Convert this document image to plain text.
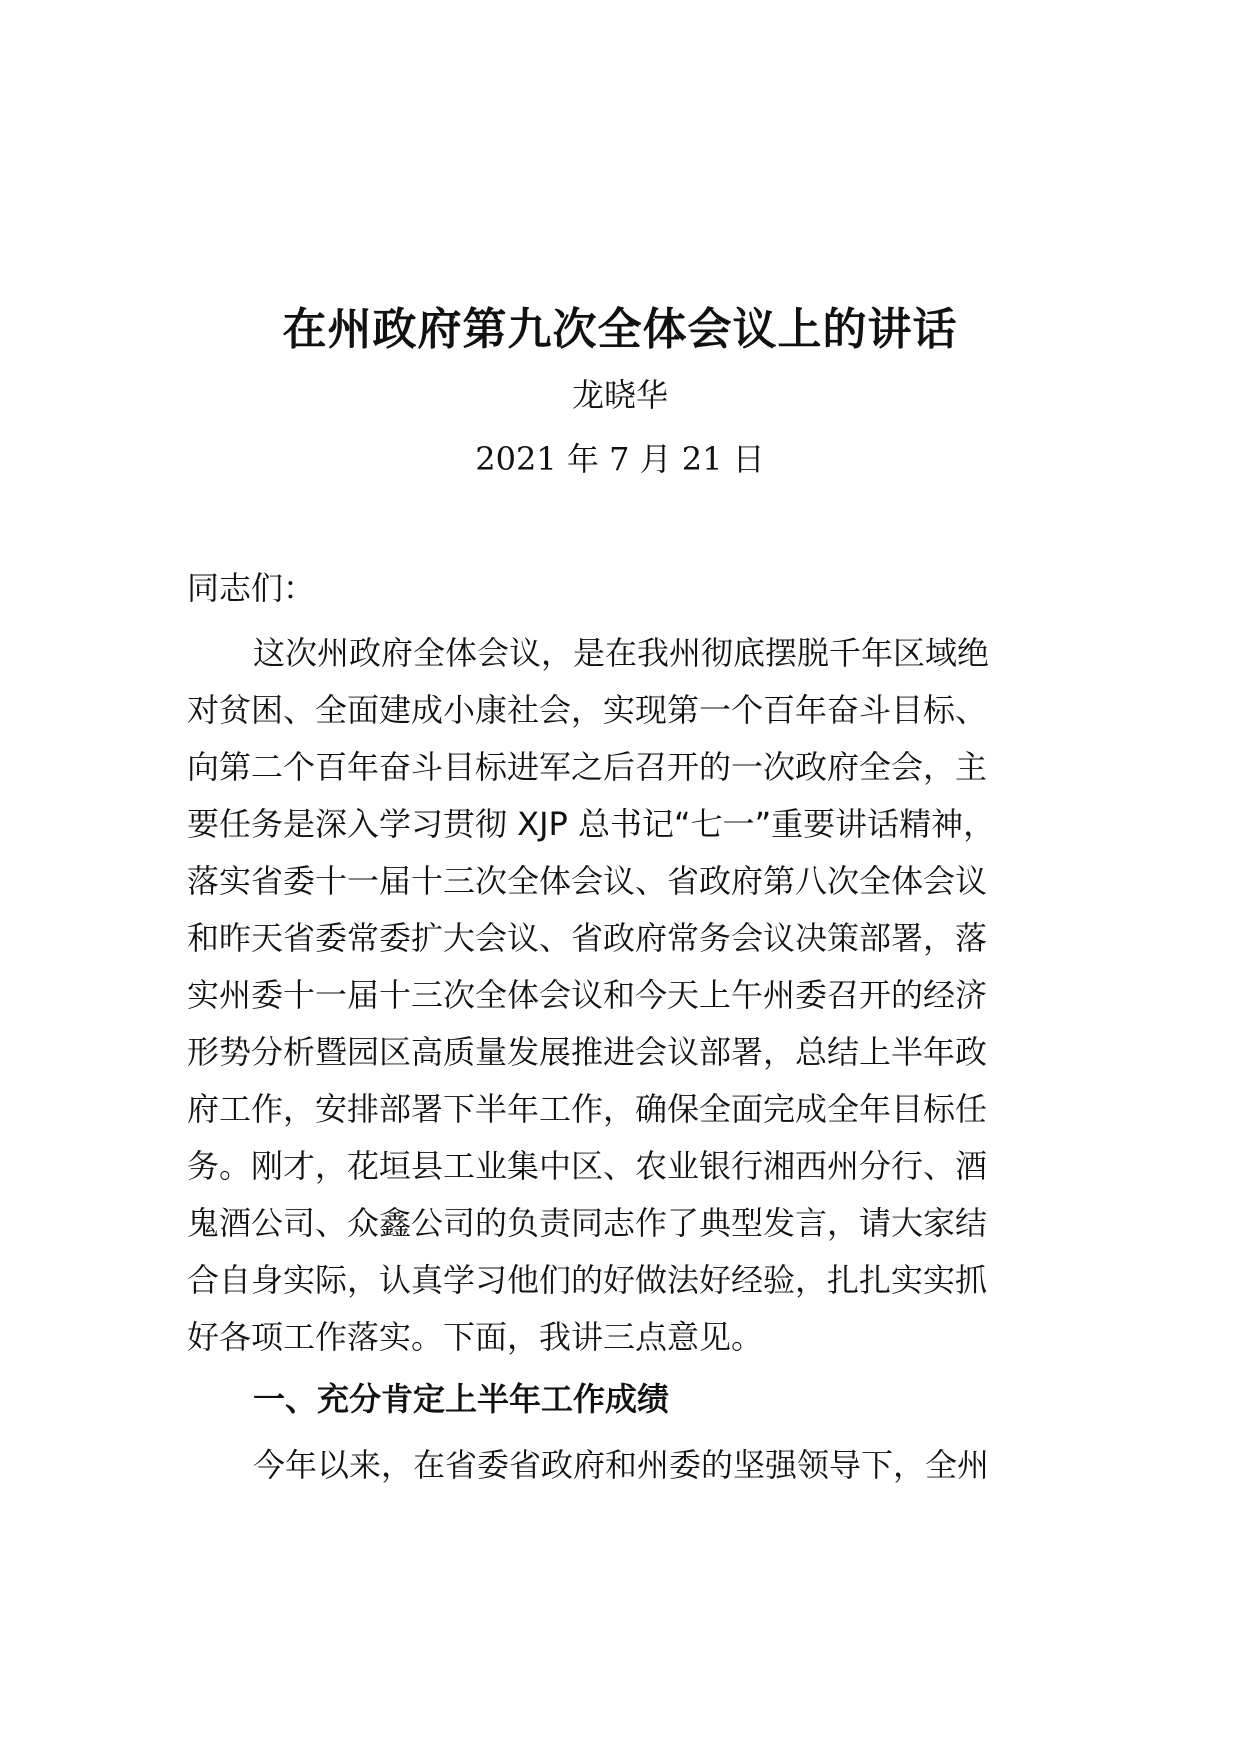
在州政府第九次全体会议上的讲话
龙晓华
2021 年 7 月 21 日
同志们：
这次州政府全体会议，是在我州彻底摆脱千年区域绝
对贫困、全面建成小康社会，实现第一个百年奋斗目标、
向第二个百年奋斗目标进军之后召开的一次政府全会，主
要任务是深入学习贯彻 XJP 总书记“七一”重要讲话精神，
落实省委十一届十三次全体会议、省政府第八次全体会议
和昨天省委常委扩大会议、省政府常务会议决策部署，落
实州委十一届十三次全体会议和今天上午州委召开的经济
形势分析暨园区高质量发展推进会议部署，总结上半年政
府工作，安排部署下半年工作，确保全面完成全年目标任
务。刚才，花垣县工业集中区、农业银行湘西州分行、酒
鬼酒公司、众鑫公司的负责同志作了典型发言，请大家结
合自身实际，认真学习他们的好做法好经验，扎扎实实抓
好各项工作落实。下面，我讲三点意见。
一、充分肯定上半年工作成绩
今年以来，在省委省政府和州委的坚强领导下，全州
